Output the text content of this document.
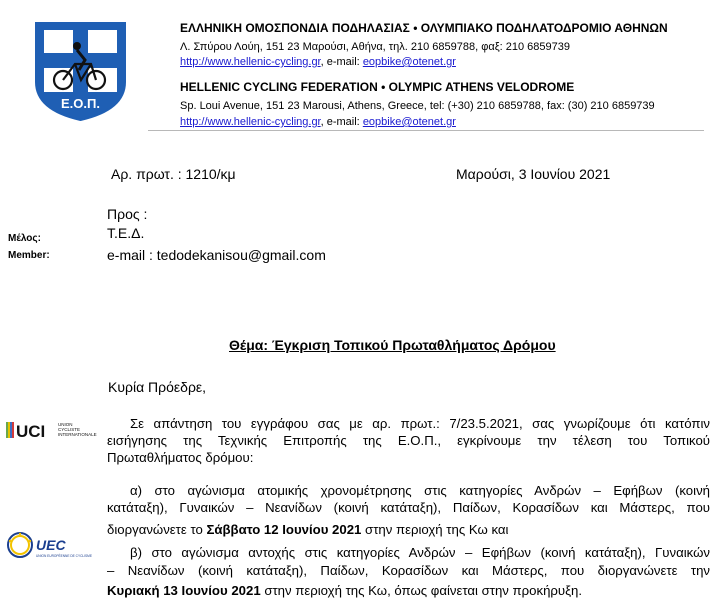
Ε.Ο.Π.
ΕΛΛΗΝΙΚΗ ΟΜΟΣΠΟΝΔΙΑ ΠΟΔΗΛΑΣΙΑΣ • ΟΛΥΜΠΙΑΚΟ ΠΟΔΗΛΑΤΟΔΡΟΜΙΟ ΑΘΗΝΩΝ
Λ. Σπύρου Λούη, 151 23 Μαρούσι, Αθήνα, τηλ. 210 6859788, φαξ: 210 6859739
http://www.hellenic-cycling.gr, e-mail: eopbike@otenet.gr
HELLENIC CYCLING FEDERATION • OLYMPIC ATHENS VELODROME
Sp. Loui Avenue, 151 23 Marousi, Athens, Greece, tel: (+30) 210 6859788, fax: (30) 210 6859739
http://www.hellenic-cycling.gr, e-mail: eopbike@otenet.gr
Αρ. πρωτ. : 1210/κμ	Μαρούσι, 3 Ιουνίου 2021
Προς :
Τ.Ε.Δ.
e-mail : tedodekanisou@gmail.com
Μέλος:
Member:
Θέμα: Έγκριση Τοπικού Πρωταθλήματος Δρόμου
Κυρία Πρόεδρε,
UCI	UNION
CYCLISTE
INTERNATIONALE
UEC
UNION EUROPÉENNE DE CYCLISME
Σε απάντηση του εγγράφου σας με αρ. πρωτ.: 7/23.5.2021, σας γνωρίζουμε ότι κατόπιν
εισήγησης της Τεχνικής Επιτροπής της Ε.Ο.Π., εγκρίνουμε την τέλεση του Τοπικού
Πρωταθλήματος δρόμου:
α) στο αγώνισμα ατομικής χρονομέτρησης στις κατηγορίες Ανδρών – Εφήβων (κοινή
κατάταξη), Γυναικών – Νεανίδων (κοινή κατάταξη), Παίδων, Κορασίδων και Μάστερς, που
διοργανώνετε το Σάββατο 12 Ιουνίου 2021 στην περιοχή της Κω και
β) στο αγώνισμα αντοχής στις κατηγορίες Ανδρών – Εφήβων (κοινή κατάταξη), Γυναικών
– Νεανίδων (κοινή κατάταξη), Παίδων, Κορασίδων και Μάστερς, που διοργανώνετε την
Κυριακή 13 Ιουνίου 2021 στην περιοχή της Κω, όπως φαίνεται στην προκήρυξη.
